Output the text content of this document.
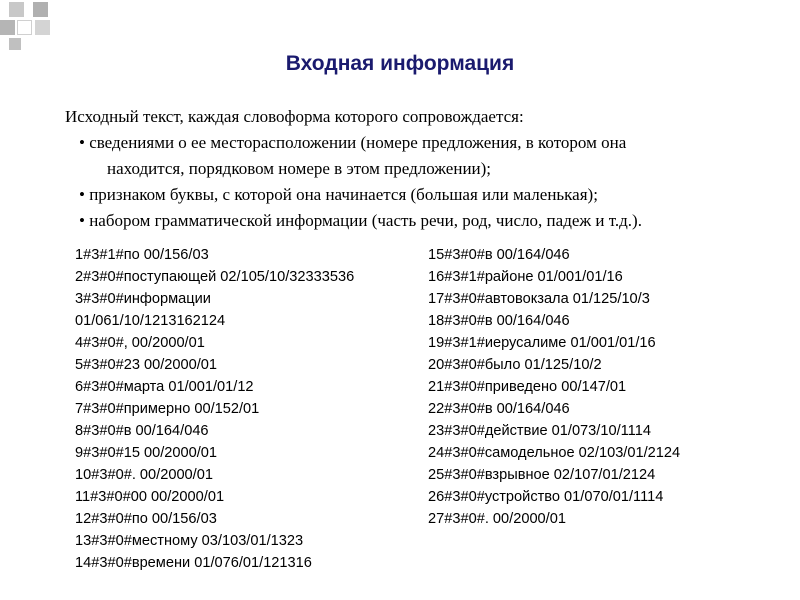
Входная информация

Исходный текст, каждая словоформа которого сопровождается:

• сведениями о ее месторасположении (номере предложения, в котором она

находится, порядковом номере в этом предложении);

• признаком буквы, с которой она начинается (большая или маленькая);

• набором грамматической информации (часть речи, род, число, падеж и т.д.).

1#3#1#по 00/156/03
2#3#0#поступающей 02/105/10/32333536
3#3#0#информации
01/061/10/1213162124
4#3#0#, 00/2000/01
5#3#0#23 00/2000/01
6#3#0#марта 01/001/01/12
7#3#0#примерно 00/152/01
8#3#0#в 00/164/046
9#3#0#15 00/2000/01
10#3#0#. 00/2000/01
11#3#0#00 00/2000/01
12#3#0#по 00/156/03
13#3#0#местному 03/103/01/1323
14#3#0#времени 01/076/01/121316
15#3#0#в 00/164/046
16#3#1#районе 01/001/01/16
17#3#0#автовокзала 01/125/10/3
18#3#0#в 00/164/046
19#3#1#иерусалиме 01/001/01/16
20#3#0#было 01/125/10/2
21#3#0#приведено 00/147/01
22#3#0#в 00/164/046
23#3#0#действие 01/073/10/1114
24#3#0#самодельное 02/103/01/2124
25#3#0#взрывное 02/107/01/2124
26#3#0#устройство 01/070/01/1114
27#3#0#. 00/2000/01
